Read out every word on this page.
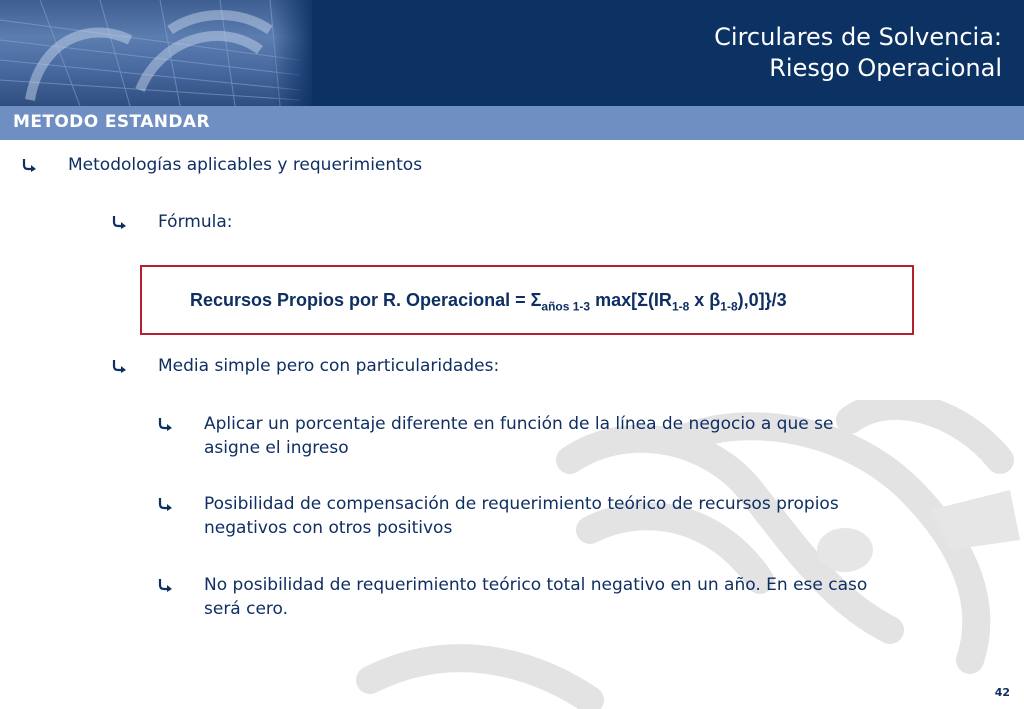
Circulares de Solvencia:
Riesgo Operacional
METODO ESTANDAR
Metodologías aplicables y requerimientos
Fórmula:
Recursos Propios por R. Operacional = $\Sigma_{años 1-3}$ $\max[\Sigma(IR_{1-8}$ x $\beta_{1-8}),0]\}/3$
Media simple pero con particularidades:
Aplicar un porcentaje diferente en función de la línea de negocio a que se
asigne el ingreso
Posibilidad de compensación de requerimiento teórico de recursos propios
negativos con otros positivos
No posibilidad de requerimiento teórico total negativo en un año. En ese caso
será cero.
42
